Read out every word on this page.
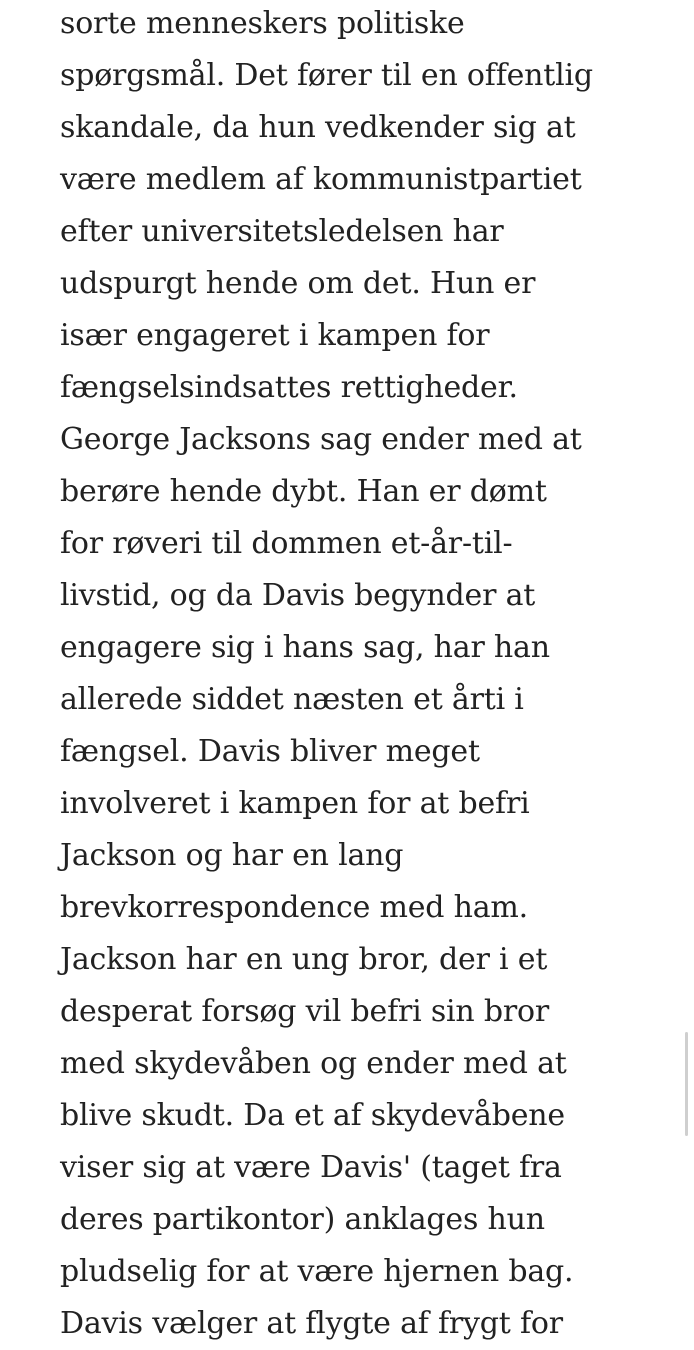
sorte menneskers politiske
spørgsmål. Det fører til en offentlig
skandale, da hun vedkender sig at
være medlem af kommunistpartiet
efter universitetsledelsen har
udspurgt hende om det. Hun er
især engageret i kampen for
fængselsindsattes rettigheder.
George Jacksons sag ender med at
berøre hende dybt. Han er dømt
for røveri til dommen et-år-til-
livstid, og da Davis begynder at
engagere sig i hans sag, har han
allerede siddet næsten et årti i
fængsel. Davis bliver meget
involveret i kampen for at befri
Jackson og har en lang
brevkorrespondence med ham.
Jackson har en ung bror, der i et
desperat forsøg vil befri sin bror
med skydevåben og ender med at
blive skudt. Da et af skydevåbene
viser sig at være Davis' (taget fra
deres partikontor) anklages hun
pludselig for at være hjernen bag.
Davis vælger at flygte af frygt for
